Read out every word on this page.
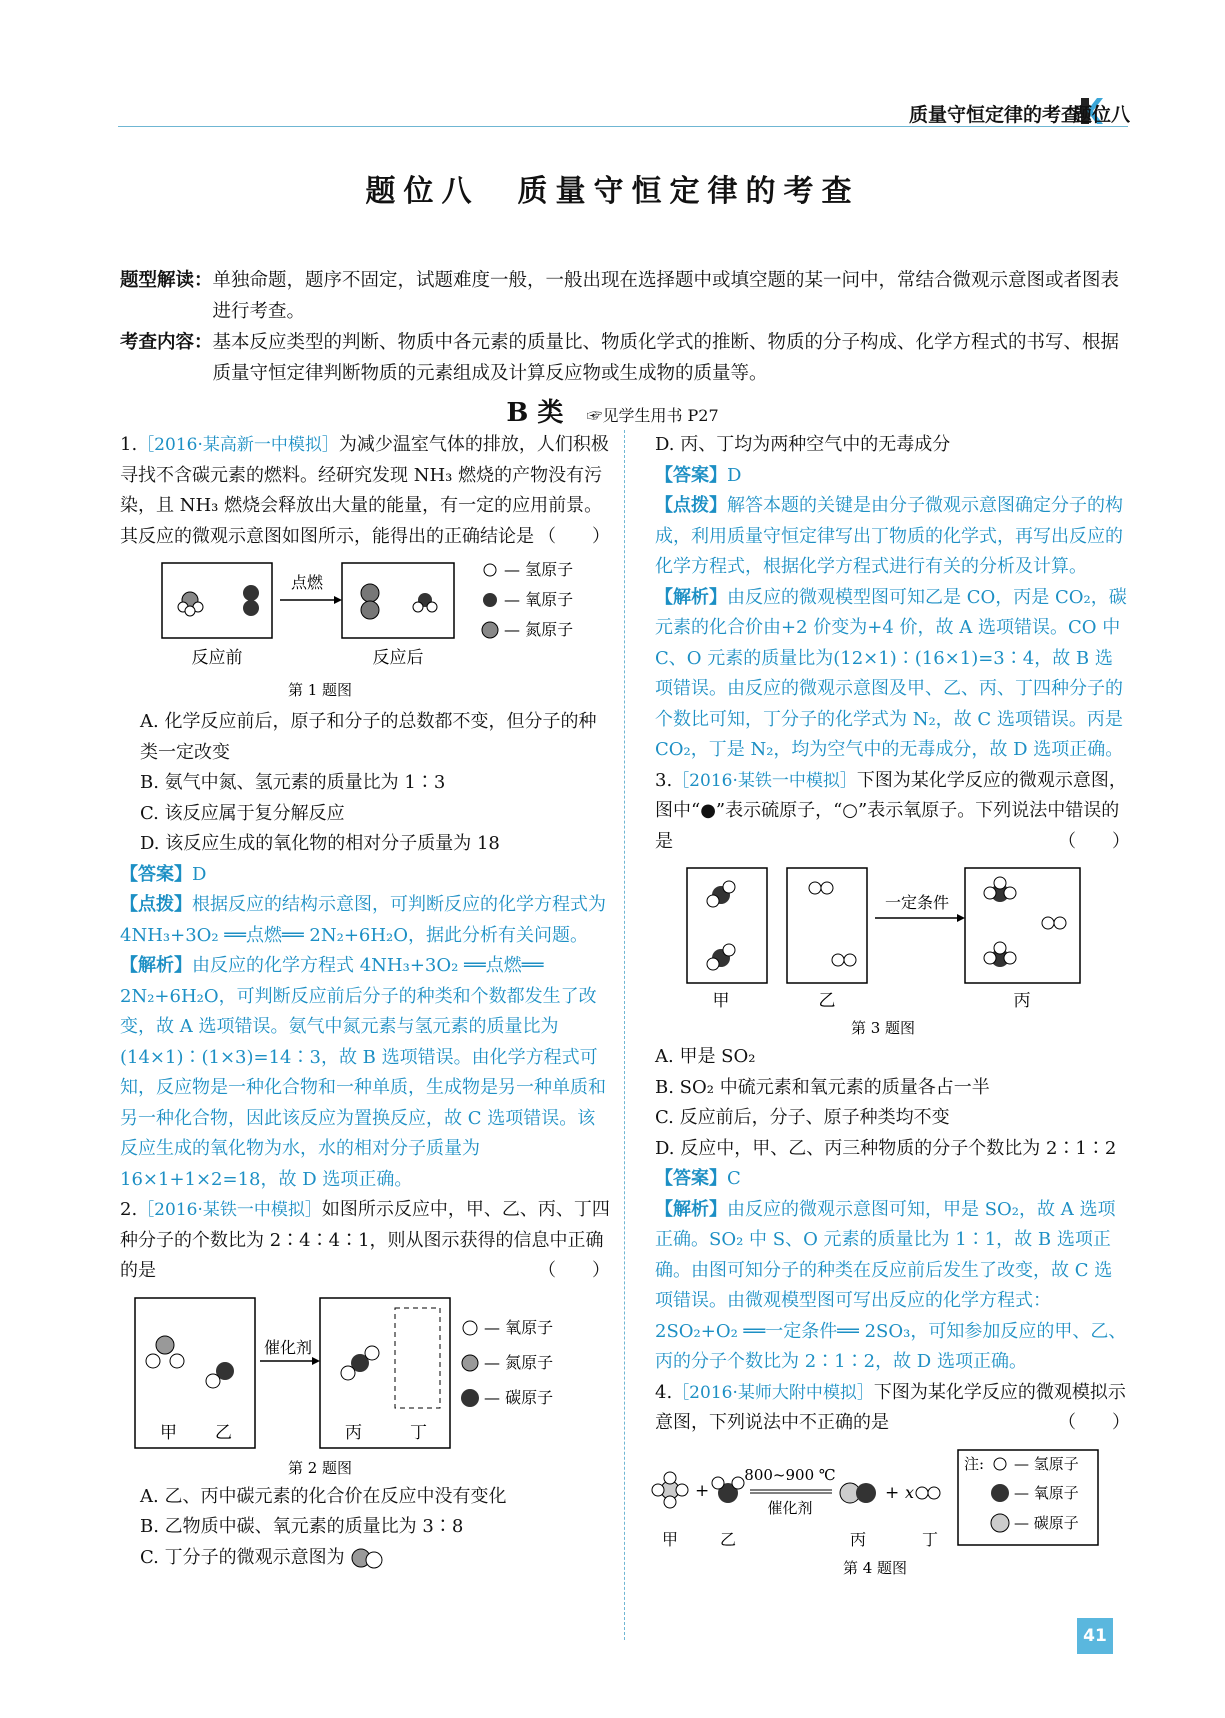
质量守恒定律的考查
题位八
题位八　质量守恒定律的考查
题型解读： 单独命题，题序不固定，试题难度一般，一般出现在选择题中或填空题的某一问中，常结合微观示意图或者图表进行考查。
考查内容： 基本反应类型的判断、物质中各元素的质量比、物质化学式的推断、物质的分子构成、化学方程式的书写、根据质量守恒定律判断物质的元素组成及计算反应物或生成物的质量等。
B 类 ☞见学生用书 P27

1.［2016·某高新一中模拟］为减少温室气体的排放，人们积极寻找不含碳元素的燃料。经研究发现 NH₃ 燃烧的产物没有污染，且 NH₃ 燃烧会释放出大量的能量，有一定的应用前景。其反应的微观示意图如图所示，能得出的正确结论是 （　　）

点燃
反应前	反应后
— 氢原子
— 氧原子
— 氮原子
第 1 题图

A. 化学反应前后，原子和分子的总数都不变，但分子的种类一定改变

B. 氨气中氮、氢元素的质量比为 1∶3

C. 该反应属于复分解反应

D. 该反应生成的氧化物的相对分子质量为 18

【答案】D

【点拨】根据反应的结构示意图，可判断反应的化学方程式为 4NH₃+3O₂ ══点燃══ 2N₂+6H₂O，据此分析有关问题。

【解析】由反应的化学方程式 4NH₃+3O₂ ══点燃══ 2N₂+6H₂O，可判断反应前后分子的种类和个数都发生了改变，故 A 选项错误。氨气中氮元素与氢元素的质量比为(14×1)∶(1×3)=14∶3，故 B 选项错误。由化学方程式可知，反应物是一种化合物和一种单质，生成物是另一种单质和另一种化合物，因此该反应为置换反应，故 C 选项错误。该反应生成的氧化物为水，水的相对分子质量为 16×1+1×2=18，故 D 选项正确。

2.［2016·某铁一中模拟］如图所示反应中，甲、乙、丙、丁四种分子的个数比为 2∶4∶4∶1，则从图示获得的信息中正确的是	（　　）

催化剂
甲 乙	丙	丁
— 氧原子
— 氮原子
— 碳原子
第 2 题图

A. 乙、丙中碳元素的化合价在反应中没有变化

B. 乙物质中碳、氧元素的质量比为 3∶8

C. 丁分子的微观示意图为

D. 丙、丁均为两种空气中的无毒成分

【答案】D

【点拨】解答本题的关键是由分子微观示意图确定分子的构成，利用质量守恒定律写出丁物质的化学式，再写出反应的化学方程式，根据化学方程式进行有关的分析及计算。

【解析】由反应的微观模型图可知乙是 CO，丙是 CO₂，碳元素的化合价由+2 价变为+4 价，故 A 选项错误。CO 中 C、O 元素的质量比为(12×1)∶(16×1)=3∶4，故 B 选项错误。由反应的微观示意图及甲、乙、丙、丁四种分子的个数比可知，丁分子的化学式为 N₂，故 C 选项错误。丙是 CO₂，丁是 N₂，均为空气中的无毒成分，故 D 选项正确。

3.［2016·某铁一中模拟］下图为某化学反应的微观示意图，图中“●”表示硫原子，“○”表示氧原子。下列说法中错误的是	（　　）

一定条件
甲	乙	丙
第 3 题图

A. 甲是 SO₂

B. SO₂ 中硫元素和氧元素的质量各占一半

C. 反应前后，分子、原子种类均不变

D. 反应中，甲、乙、丙三种物质的分子个数比为 2∶1∶2

【答案】C

【解析】由反应的微观示意图可知，甲是 SO₂，故 A 选项正确。SO₂ 中 S、O 元素的质量比为 1∶1，故 B 选项正确。由图可知分子的种类在反应前后发生了改变，故 C 选项错误。由微观模型图可写出反应的化学方程式：2SO₂+O₂ ══一定条件══ 2SO₃，可知参加反应的甲、乙、丙的分子个数比为 2∶1∶2，故 D 选项正确。

4.［2016·某师大附中模拟］下图为某化学反应的微观模拟示意图，下列说法中不正确的是	（　　）

+
800~900 ℃
催化剂
+ x
注: — 氢原子
— 氧原子
— 碳原子
甲	乙	丙	丁
第 4 题图
41
